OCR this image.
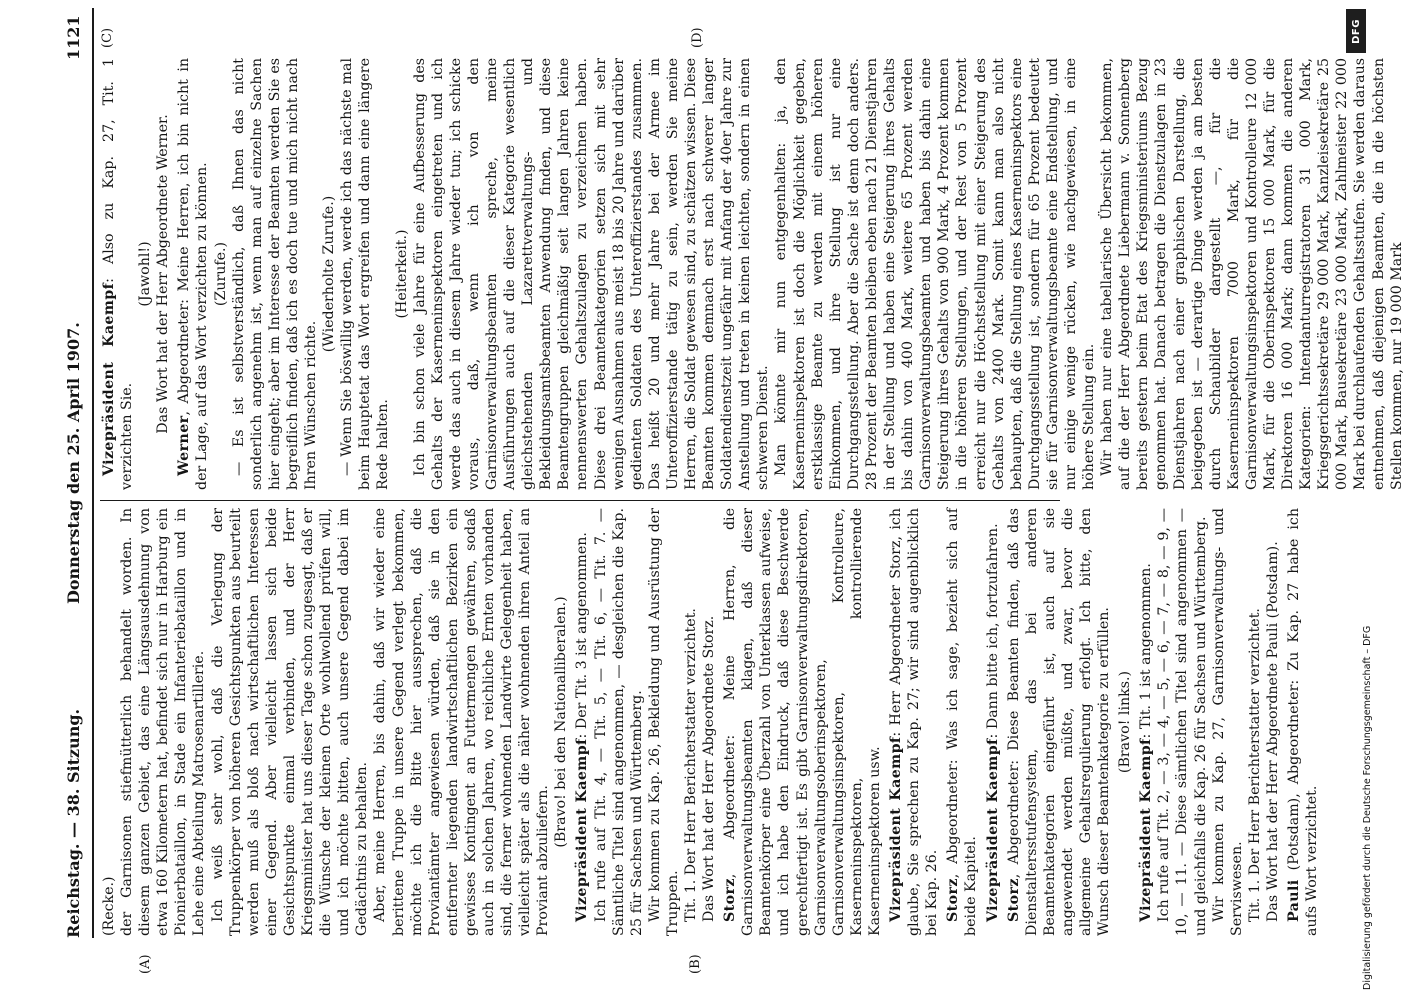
Reichstag. — 38. Sitzung.
Donnerstag den 25. April 1907.
1121
(A)	(B)
(C)	(D)

(Recke.) der Garnisonen stiefmütterlich behandelt worden. In diesem ganzen Gebiet, das eine Längsausdehnung von etwa 160 Kilometern hat, befindet sich nur in Harburg ein Pionierbataillon, in Stade ein Infanteriebataillon und in Lehe eine Abteilung Matrosenartillerie. Ich weiß sehr wohl, daß die Verlegung der Truppenkörper von höheren Gesichtspunkten aus beurteilt werden muß als bloß nach wirtschaftlichen Interessen einer Gegend. Aber vielleicht lassen sich beide Gesichtspunkte einmal verbinden, und der Herr Kriegsminister hat uns dieser Tage schon zugesagt, daß er die Wünsche der kleinen Orte wohlwollend prüfen will, und ich möchte bitten, auch unsere Gegend dabei im Gedächtnis zu behalten. Aber, meine Herren, bis dahin, daß wir wieder eine berittene Truppe in unsere Gegend verlegt bekommen, möchte ich die Bitte hier aussprechen, daß die Proviantämter angewiesen würden, daß sie in den entfernter liegenden landwirtschaftlichen Bezirken ein gewisses Kontingent an Futtermengen gewähren, sodaß auch in solchen Jahren, wo reichliche Ernten vorhanden sind, die ferner wohnenden Landwirte Gelegenheit haben, vielleicht später als die näher wohnenden ihren Anteil an Proviant abzuliefern.

(Bravo! bei den Nationalliberalen.) Vizepräsident Kaempf: Der Tit. 3 ist angenommen. Ich rufe auf Tit. 4, — Tit. 5, — Tit. 6, — Tit. 7. — Sämtliche Titel sind angenommen, — desgleichen die Kap. 25 für Sachsen und Württemberg. Wir kommen zu Kap. 26, Bekleidung und Ausrüstung der Truppen. Tit. 1. Der Herr Berichterstatter verzichtet. Das Wort hat der Herr Abgeordnete Storz. Storz, Abgeordneter: Meine Herren, die Garnisonverwaltungsbeamten klagen, daß dieser Beamtenkörper eine Überzahl von Unterklassen aufweise, und ich habe den Eindruck, daß diese Beschwerde gerechtfertigt ist. Es gibt Garnisonverwaltungsdirektoren, Garnisonverwaltungsoberinspektoren, Garnisonverwaltungsinspektoren, Kontrolleure, Kaserneninspektoren, kontrollierende Kaserneninspektoren usw. Vizepräsident Kaempf: Herr Abgeordneter Storz, ich glaube, Sie sprechen zu Kap. 27; wir sind augenblicklich bei Kap. 26. Storz, Abgeordneter: Was ich sage, bezieht sich auf beide Kapitel. Vizepräsident Kaempf: Dann bitte ich, fortzufahren.

Storz, Abgeordneter: Diese Beamten finden, daß das Dienstaltersstufensystem, das bei anderen Beamtenkategorien eingeführt ist, auch auf sie angewendet werden müßte, und zwar, bevor die allgemeine Gehaltsregulierung erfolgt. Ich bitte, den Wunsch dieser Beamtenkategorie zu erfüllen. (Bravo! links.)

Vizepräsident Kaempf: Tit. 1 ist angenommen. Ich rufe auf Tit. 2, — 3, — 4, — 5, — 6, — 7, — 8, — 9, — 10, — 11. — Diese sämtlichen Titel sind angenommen — und gleichfalls die Kap. 26 für Sachsen und Württemberg. Wir kommen zu Kap. 27, Garnisonverwaltungs- und Serviswesen. Tit. 1. Der Herr Berichterstatter verzichtet. Das Wort hat der Herr Abgeordnete Pauli (Potsdam). Pauli (Potsdam), Abgeordneter: Zu Kap. 27 habe ich aufs Wort verzichtet.

Vizepräsident Kaempf: Also zu Kap. 27, Tit. 1 verzichten Sie.

(Jawohl!) Das Wort hat der Herr Abgeordnete Werner.

Werner, Abgeordneter: Meine Herren, ich bin nicht in der Lage, auf das Wort verzichten zu können. (Zurufe.) — Es ist selbstverständlich, daß Ihnen das nicht sonderlich angenehm ist, wenn man auf einzelne Sachen hier eingeht; aber im Interesse der Beamten werden Sie es begreiflich finden, daß ich es doch tue und mich nicht nach Ihren Wünschen richte.

(Wiederholte Zurufe.) — Wenn Sie böswillig werden, werde ich das nächste mal beim Hauptetat das Wort ergreifen und dann eine längere Rede halten.

(Heiterkeit.) Ich bin schon viele Jahre für eine Aufbesserung des Gehalts der Kaserneninspektoren eingetreten und ich werde das auch in diesem Jahre wieder tun; ich schicke voraus, daß, wenn ich von den Garnisonverwaltungsbeamten spreche, meine Ausführungen auch auf die dieser Kategorie wesentlich gleichstehenden Lazarettverwaltungs- und Bekleidungsamtsbeamten Anwendung finden, und diese Beamtengruppen gleichmäßig seit langen Jahren keine nennenswerten Gehaltszulagen zu verzeichnen haben. Diese drei Beamtenkategorien setzen sich mit sehr wenigen Ausnahmen aus meist 18 bis 20 Jahre und darüber gedienten Soldaten des Unteroffizierstandes zusammen. Das heißt 20 und mehr Jahre bei der Armee im Unteroffizierstande tätig zu sein, werden Sie meine Herren, die Soldat gewesen sind, zu schätzen wissen. Diese Beamten kommen demnach erst nach schwerer langer Soldatendienstzeit ungefähr mit Anfang der 40er Jahre zur Anstellung und treten in keinen leichten, sondern in einen schweren Dienst. Man könnte mir nun entgegenhalten: ja, den Kaserneninspektoren ist doch die Möglichkeit gegeben, erstklassige Beamte zu werden mit einem höheren Einkommen, und ihre Stellung ist nur eine Durchgangsstellung. Aber die Sache ist denn doch anders. 28 Prozent der Beamten bleiben eben nach 21 Dienstjahren in der Stellung und haben eine Steigerung ihres Gehalts bis dahin von 400 Mark, weitere 65 Prozent werden Garnisonverwaltungsbeamten und haben bis dahin eine Steigerung ihres Gehalts von 900 Mark, 4 Prozent kommen in die höheren Stellungen, und der Rest von 5 Prozent erreicht nur die Höchststellung mit einer Steigerung des Gehalts von 2400 Mark. Somit kann man also nicht behaupten, daß die Stellung eines Kaserneninspektors eine Durchgangsstellung ist, sondern für 65 Prozent bedeutet sie für Garnisonverwaltungsbeamte eine Endstellung, und nur einige wenige rücken, wie nachgewiesen, in eine höhere Stellung ein. Wir haben nur eine tabellarische Übersicht bekommen, auf die der Herr Abgeordnete Liebermann v. Sonnenberg bereits gestern beim Etat des Kriegsministeriums Bezug genommen hat. Danach betragen die Dienstzulagen in 23 Dienstjahren nach einer graphischen Darstellung, die beigegeben ist — derartige Dinge werden ja am besten durch Schaubilder dargestellt —, für die Kaserneninspektoren 7000 Mark, für die Garnisonverwaltungsinspektoren und Kontrolleure 12 000 Mark, für die Oberinspektoren 15 000 Mark, für die Direktoren 16 000 Mark; dann kommen die anderen Kategorien: Intendanturregistratoren 31 000 Mark, Kriegsgerichtssekretäre 29 000 Mark, Kanzleisekretäre 25 000 Mark, Bausekretäre 23 000 Mark, Zahlmeister 22 000 Mark bei durchlaufenden Gehaltsstufen. Sie werden daraus entnehmen, daß diejenigen Beamten, die in die höchsten Stellen kommen, nur 19 000 Mark

Digitalisierung gefördert durch die Deutsche Forschungsgemeinschaft – DFG
DFG
